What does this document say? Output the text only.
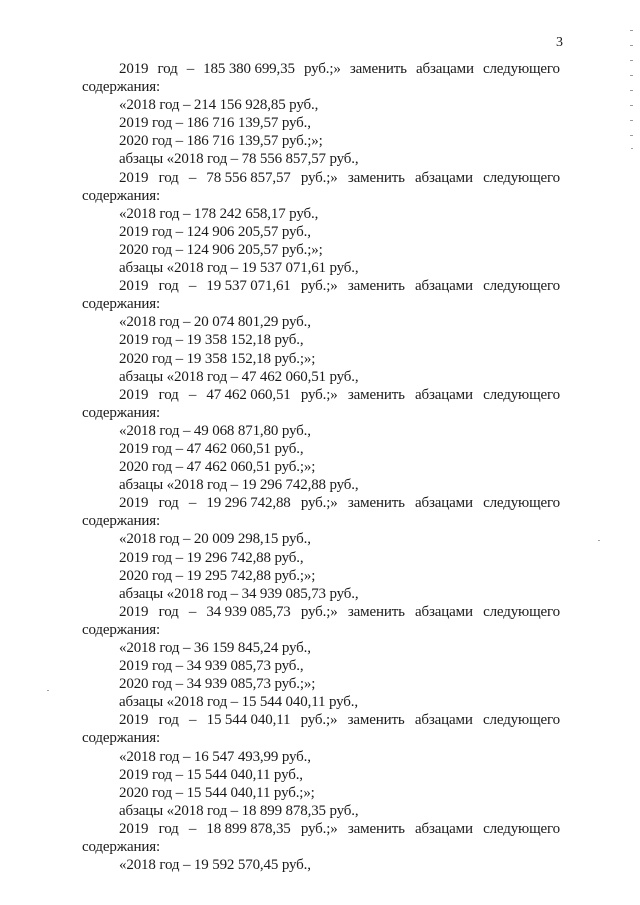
3
2019 год – 185 380 699,35 руб.;» заменить абзацами следующего
содержания:
«2018 год – 214 156 928,85 руб.,
2019 год – 186 716 139,57 руб.,
2020 год – 186 716 139,57 руб.;»;
абзацы «2018 год – 78 556 857,57 руб.,
2019 год – 78 556 857,57 руб.;» заменить абзацами следующего
содержания:
«2018 год – 178 242 658,17 руб.,
2019 год – 124 906 205,57 руб.,
2020 год – 124 906 205,57 руб.;»;
абзацы «2018 год – 19 537 071,61 руб.,
2019 год – 19 537 071,61 руб.;» заменить абзацами следующего
содержания:
«2018 год – 20 074 801,29 руб.,
2019 год – 19 358 152,18 руб.,
2020 год – 19 358 152,18 руб.;»;
абзацы «2018 год – 47 462 060,51 руб.,
2019 год – 47 462 060,51 руб.;» заменить абзацами следующего
содержания:
«2018 год – 49 068 871,80 руб.,
2019 год – 47 462 060,51 руб.,
2020 год – 47 462 060,51 руб.;»;
абзацы «2018 год – 19 296 742,88 руб.,
2019 год – 19 296 742,88 руб.;» заменить абзацами следующего
содержания:
«2018 год – 20 009 298,15 руб.,
2019 год – 19 296 742,88 руб.,
2020 год – 19 295 742,88 руб.;»;
абзацы «2018 год – 34 939 085,73 руб.,
2019 год – 34 939 085,73 руб.;» заменить абзацами следующего
содержания:
«2018 год – 36 159 845,24 руб.,
2019 год – 34 939 085,73 руб.,
2020 год – 34 939 085,73 руб.;»;
абзацы «2018 год – 15 544 040,11 руб.,
2019 год – 15 544 040,11 руб.;» заменить абзацами следующего
содержания:
«2018 год – 16 547 493,99 руб.,
2019 год – 15 544 040,11 руб.,
2020 год – 15 544 040,11 руб.;»;
абзацы «2018 год – 18 899 878,35 руб.,
2019 год – 18 899 878,35 руб.;» заменить абзацами следующего
содержания:
«2018 год – 19 592 570,45 руб.,
